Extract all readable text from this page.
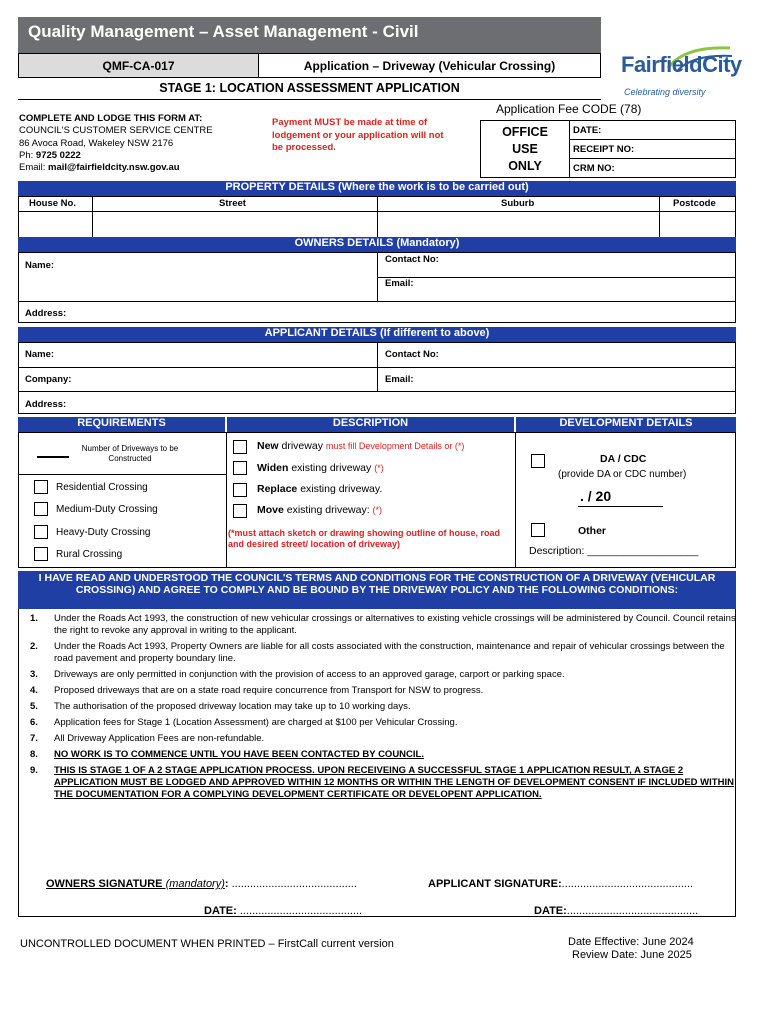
Quality Management – Asset Management - Civil
QMF-CA-017	Application – Driveway (Vehicular Crossing)
STAGE 1: LOCATION ASSESSMENT APPLICATION
FairfieldCity
Celebrating diversity
Application Fee CODE (78)
COMPLETE AND LODGE THIS FORM AT:
COUNCIL'S CUSTOMER SERVICE CENTRE
86 Avoca Road, Wakeley NSW 2176
Ph: 9725 0222
Email: mail@fairfieldcity.nsw.gov.au
Payment MUST be made at time of lodgement or your application will not be processed.
OFFICE
USE
ONLY
DATE:
RECEIPT NO:
CRM NO:
PROPERTY DETAILS (Where the work is to be carried out)
House No.	Street	Suburb	Postcode
OWNERS DETAILS (Mandatory)
Name:
Contact No:
Email:
Address:
APPLICANT DETAILS (If different to above)
Name:	Contact No:
Company:	Email:
Address:
REQUIREMENTS	DESCRIPTION	DEVELOPMENT DETAILS
Number of Driveways to be Constructed
Residential Crossing
Medium-Duty Crossing
Heavy-Duty Crossing
Rural Crossing
New driveway must fill Development Details or (*)
Widen existing driveway (*)
Replace existing driveway.
Move existing driveway: (*)
(*must attach sketch or drawing showing outline of house, road and desired street/ location of driveway)
DA / CDC
(provide DA or CDC number)
. / 20
Other
Description: ___________________
I HAVE READ AND UNDERSTOOD THE COUNCIL'S TERMS AND CONDITIONS FOR THE CONSTRUCTION OF A DRIVEWAY (VEHICULAR CROSSING) AND AGREE TO COMPLY AND BE BOUND BY THE DRIVEWAY POLICY AND THE FOLLOWING CONDITIONS:
1.	Under the Roads Act 1993, the construction of new vehicular crossings or alternatives to existing vehicle crossings will be administered by Council. Council retains the right to revoke any approval in writing to the applicant.
2.	Under the Roads Act 1993, Property Owners are liable for all costs associated with the construction, maintenance and repair of vehicular crossings between the road pavement and property boundary line.
3.	Driveways are only permitted in conjunction with the provision of access to an approved garage, carport or parking space.
4.	Proposed driveways that are on a state road require concurrence from Transport for NSW to progress.
5.	The authorisation of the proposed driveway location may take up to 10 working days.
6.	Application fees for Stage 1 (Location Assessment) are charged at $100 per Vehicular Crossing.
7.	All Driveway Application Fees are non-refundable.
8.	NO WORK IS TO COMMENCE UNTIL YOU HAVE BEEN CONTACTED BY COUNCIL.
9.	THIS IS STAGE 1 OF A 2 STAGE APPLICATION PROCESS. UPON RECEIVEING A SUCCESSFUL STAGE 1 APPLICATION RESULT, A STAGE 2 APPLICATION MUST BE LODGED AND APPROVED WITHIN 12 MONTHS OR WITHIN THE LENGTH OF DEVELOPMENT CONSENT IF INCLUDED WITHIN THE DOCUMENTATION FOR A COMPLYING DEVELOPMENT CERTIFICATE OR DEVELOPENT APPLICATION.
OWNERS SIGNATURE (mandatory): .........................................	APPLICANT SIGNATURE:...........................................
DATE: ........................................	DATE:...........................................
UNCONTROLLED DOCUMENT WHEN PRINTED – FirstCall current version	Date Effective: June 2024
Review Date: June 2025
